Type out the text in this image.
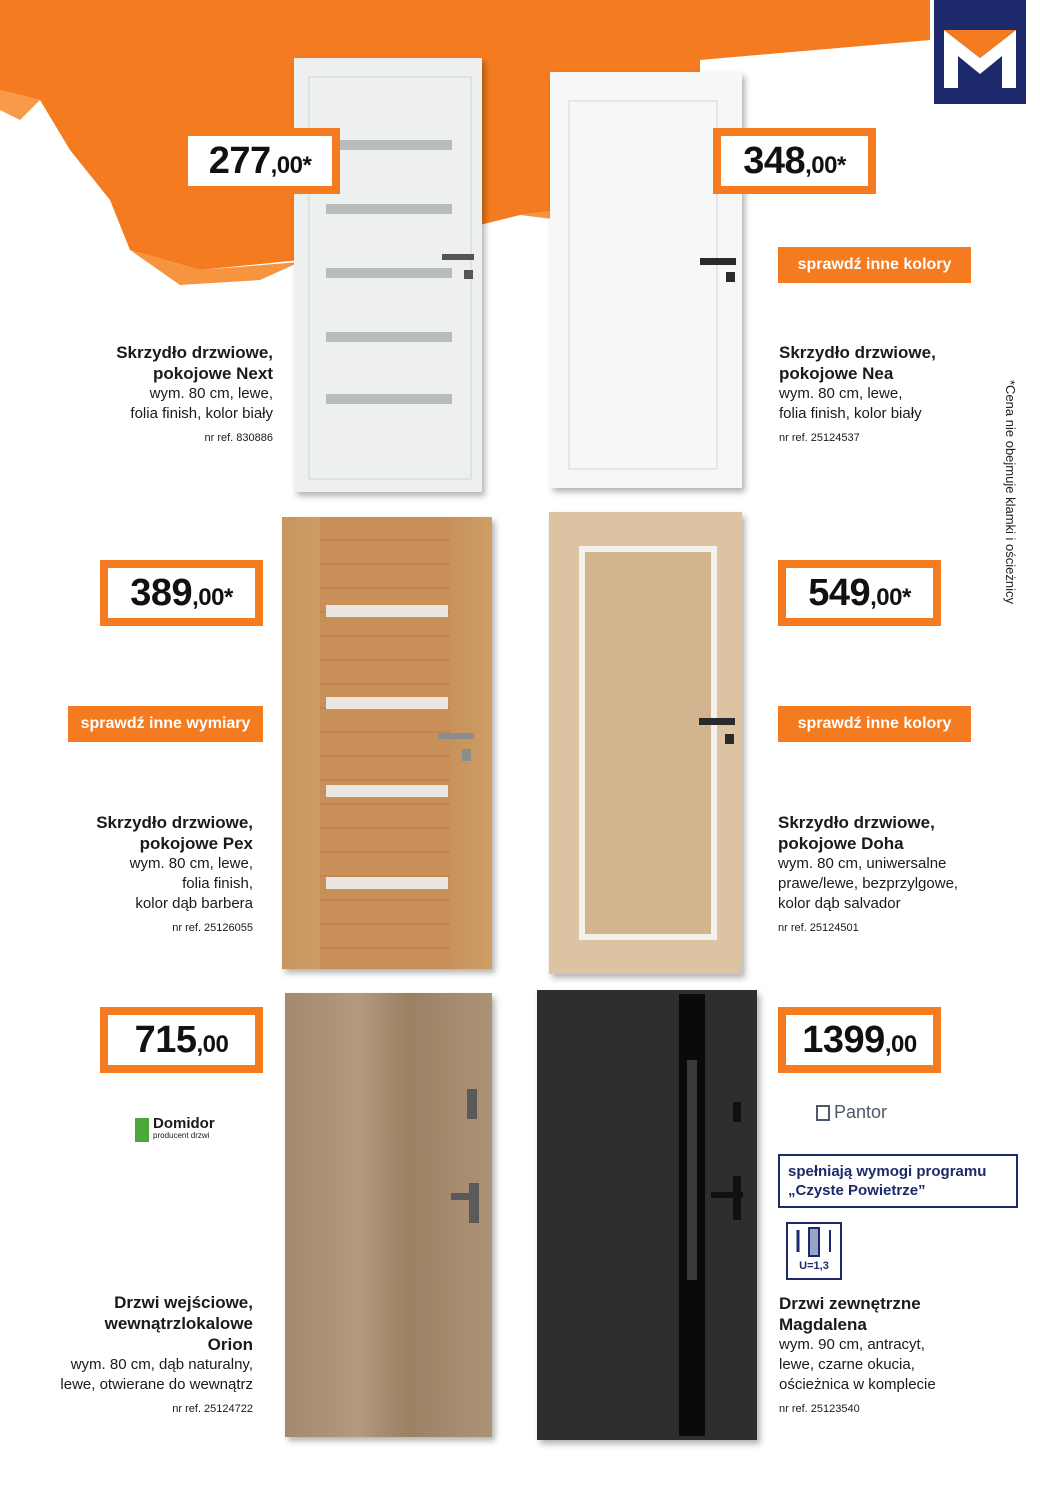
*Cena nie obejmuje klamki i ościeżnicy
277 ,00*
Skrzydło drzwiowe,
pokojowe Next
wym. 80 cm, lewe,
folia finish, kolor biały
nr ref. 830886
348 ,00*
sprawdź inne kolory
Skrzydło drzwiowe,
pokojowe Nea
wym. 80 cm, lewe,
folia finish, kolor biały
nr ref. 25124537
389 ,00*
sprawdź inne wymiary
Skrzydło drzwiowe,
pokojowe Pex
wym. 80 cm, lewe,
folia finish,
kolor dąb barbera
nr ref. 25126055
549 ,00*
sprawdź inne kolory
Skrzydło drzwiowe,
pokojowe Doha
wym. 80 cm, uniwersalne
prawe/lewe, bezprzylgowe,
kolor dąb salvador
nr ref. 25124501
715 ,00
Domidor
producent drzwi
Drzwi wejściowe,
wewnątrzlokalowe
Orion
wym. 80 cm, dąb naturalny,
lewe, otwierane do wewnątrz
nr ref. 25124722
1399 ,00
Pantor
spełniają wymogi programu
„Czyste Powietrze”
U=1,3
Drzwi zewnętrzne
Magdalena
wym. 90 cm, antracyt,
lewe, czarne okucia,
ościeżnica w komplecie
nr ref. 25123540
